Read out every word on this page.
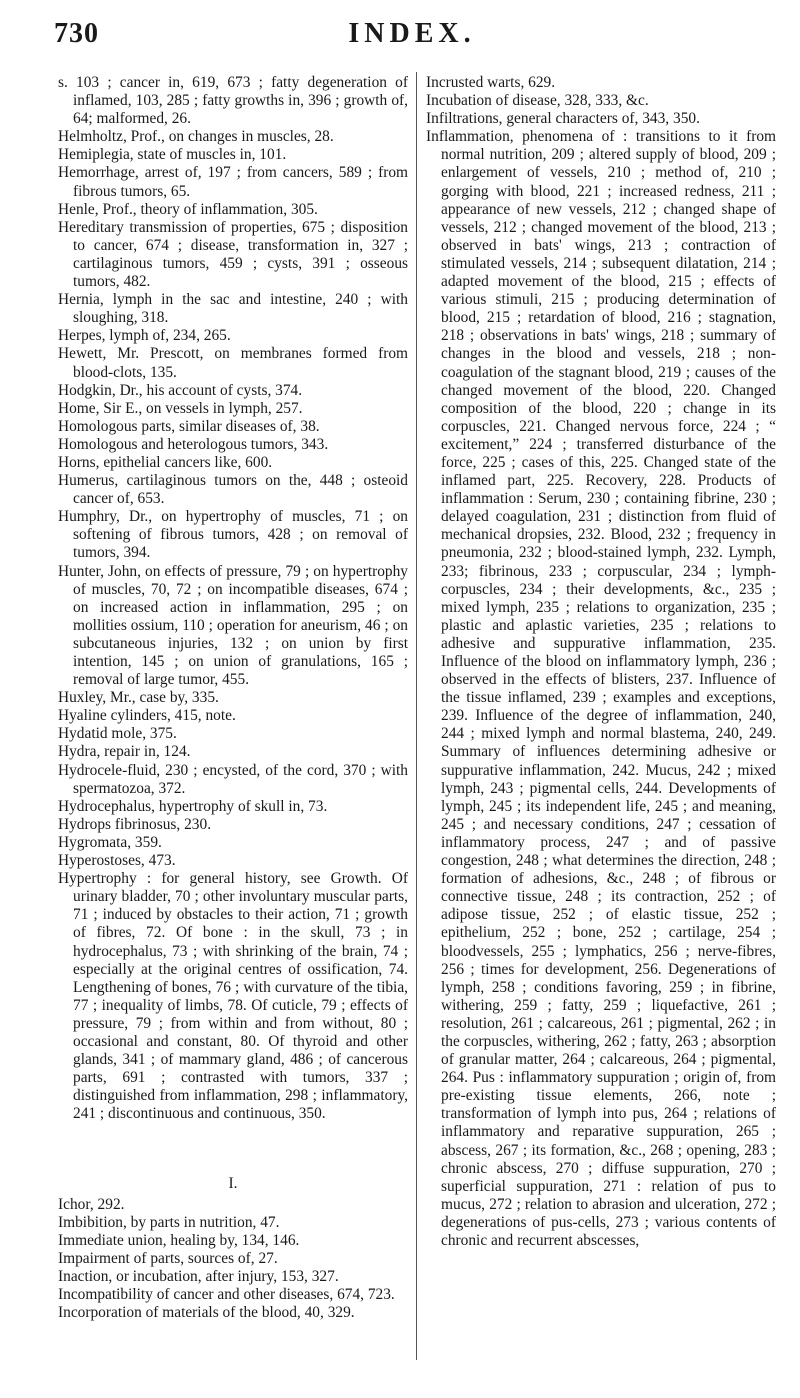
730	INDEX.

s. 103 ; cancer in, 619, 673 ; fatty degeneration of inflamed, 103, 285 ; fatty growths in, 396 ; growth of, 64; malformed, 26.

Helmholtz, Prof., on changes in muscles, 28.

Hemiplegia, state of muscles in, 101.

Hemorrhage, arrest of, 197 ; from cancers, 589 ; from fibrous tumors, 65.

Henle, Prof., theory of inflammation, 305.

Hereditary transmission of properties, 675 ; disposition to cancer, 674 ; disease, transformation in, 327 ; cartilaginous tumors, 459 ; cysts, 391 ; osseous tumors, 482.

Hernia, lymph in the sac and intestine, 240 ; with sloughing, 318.

Herpes, lymph of, 234, 265.

Hewett, Mr. Prescott, on membranes formed from blood-clots, 135.

Hodgkin, Dr., his account of cysts, 374.

Home, Sir E., on vessels in lymph, 257.

Homologous parts, similar diseases of, 38.

Homologous and heterologous tumors, 343.

Horns, epithelial cancers like, 600.

Humerus, cartilaginous tumors on the, 448 ; osteoid cancer of, 653.

Humphry, Dr., on hypertrophy of muscles, 71 ; on softening of fibrous tumors, 428 ; on removal of tumors, 394.

Hunter, John, on effects of pressure, 79 ; on hypertrophy of muscles, 70, 72 ; on incompatible diseases, 674 ; on increased action in inflammation, 295 ; on mollities ossium, 110 ; operation for aneurism, 46 ; on subcutaneous injuries, 132 ; on union by first intention, 145 ; on union of granulations, 165 ; removal of large tumor, 455.

Huxley, Mr., case by, 335.

Hyaline cylinders, 415, note.

Hydatid mole, 375.

Hydra, repair in, 124.

Hydrocele-fluid, 230 ; encysted, of the cord, 370 ; with spermatozoa, 372.

Hydrocephalus, hypertrophy of skull in, 73.

Hydrops fibrinosus, 230.

Hygromata, 359.

Hyperostoses, 473.

Hypertrophy : for general history, see Growth. Of urinary bladder, 70 ; other involuntary muscular parts, 71 ; induced by obstacles to their action, 71 ; growth of fibres, 72. Of bone : in the skull, 73 ; in hydrocephalus, 73 ; with shrinking of the brain, 74 ; especially at the original centres of ossification, 74. Lengthening of bones, 76 ; with curvature of the tibia, 77 ; inequality of limbs, 78. Of cuticle, 79 ; effects of pressure, 79 ; from within and from without, 80 ; occasional and constant, 80. Of thyroid and other glands, 341 ; of mammary gland, 486 ; of cancerous parts, 691 ; contrasted with tumors, 337 ; distinguished from inflammation, 298 ; inflammatory, 241 ; discontinuous and continuous, 350.

I.

Ichor, 292.

Imbibition, by parts in nutrition, 47.

Immediate union, healing by, 134, 146.

Impairment of parts, sources of, 27.

Inaction, or incubation, after injury, 153, 327.

Incompatibility of cancer and other diseases, 674, 723.

Incorporation of materials of the blood, 40, 329.

Incrusted warts, 629.

Incubation of disease, 328, 333, &c.

Infiltrations, general characters of, 343, 350.

Inflammation, phenomena of : transitions to it from normal nutrition, 209 ; altered supply of blood, 209 ; enlargement of vessels, 210 ; method of, 210 ; gorging with blood, 221 ; increased redness, 211 ; appearance of new vessels, 212 ; changed shape of vessels, 212 ; changed movement of the blood, 213 ; observed in bats' wings, 213 ; contraction of stimulated vessels, 214 ; subsequent dilatation, 214 ; adapted movement of the blood, 215 ; effects of various stimuli, 215 ; producing determination of blood, 215 ; retardation of blood, 216 ; stagnation, 218 ; observations in bats' wings, 218 ; summary of changes in the blood and vessels, 218 ; non-coagulation of the stagnant blood, 219 ; causes of the changed movement of the blood, 220. Changed composition of the blood, 220 ; change in its corpuscles, 221. Changed nervous force, 224 ; “ excitement,” 224 ; transferred disturbance of the force, 225 ; cases of this, 225. Changed state of the inflamed part, 225. Recovery, 228. Products of inflammation : Serum, 230 ; containing fibrine, 230 ; delayed coagulation, 231 ; distinction from fluid of mechanical dropsies, 232. Blood, 232 ; frequency in pneumonia, 232 ; blood-stained lymph, 232. Lymph, 233; fibrinous, 233 ; corpuscular, 234 ; lymph-corpuscles, 234 ; their developments, &c., 235 ; mixed lymph, 235 ; relations to organization, 235 ; plastic and aplastic varieties, 235 ; relations to adhesive and suppurative inflammation, 235. Influence of the blood on inflammatory lymph, 236 ; observed in the effects of blisters, 237. Influence of the tissue inflamed, 239 ; examples and exceptions, 239. Influence of the degree of inflammation, 240, 244 ; mixed lymph and normal blastema, 240, 249. Summary of influences determining adhesive or suppurative inflammation, 242. Mucus, 242 ; mixed lymph, 243 ; pigmental cells, 244. Developments of lymph, 245 ; its independent life, 245 ; and meaning, 245 ; and necessary conditions, 247 ; cessation of inflammatory process, 247 ; and of passive congestion, 248 ; what determines the direction, 248 ; formation of adhesions, &c., 248 ; of fibrous or connective tissue, 248 ; its contraction, 252 ; of adipose tissue, 252 ; of elastic tissue, 252 ; epithelium, 252 ; bone, 252 ; cartilage, 254 ; bloodvessels, 255 ; lymphatics, 256 ; nerve-fibres, 256 ; times for development, 256. Degenerations of lymph, 258 ; conditions favoring, 259 ; in fibrine, withering, 259 ; fatty, 259 ; liquefactive, 261 ; resolution, 261 ; calcareous, 261 ; pigmental, 262 ; in the corpuscles, withering, 262 ; fatty, 263 ; absorption of granular matter, 264 ; calcareous, 264 ; pigmental, 264. Pus : inflammatory suppuration ; origin of, from pre-existing tissue elements, 266, note ; transformation of lymph into pus, 264 ; relations of inflammatory and reparative suppuration, 265 ; abscess, 267 ; its formation, &c., 268 ; opening, 283 ; chronic abscess, 270 ; diffuse suppuration, 270 ; superficial suppuration, 271 : relation of pus to mucus, 272 ; relation to abrasion and ulceration, 272 ; degenerations of pus-cells, 273 ; various contents of chronic and recurrent abscesses,
